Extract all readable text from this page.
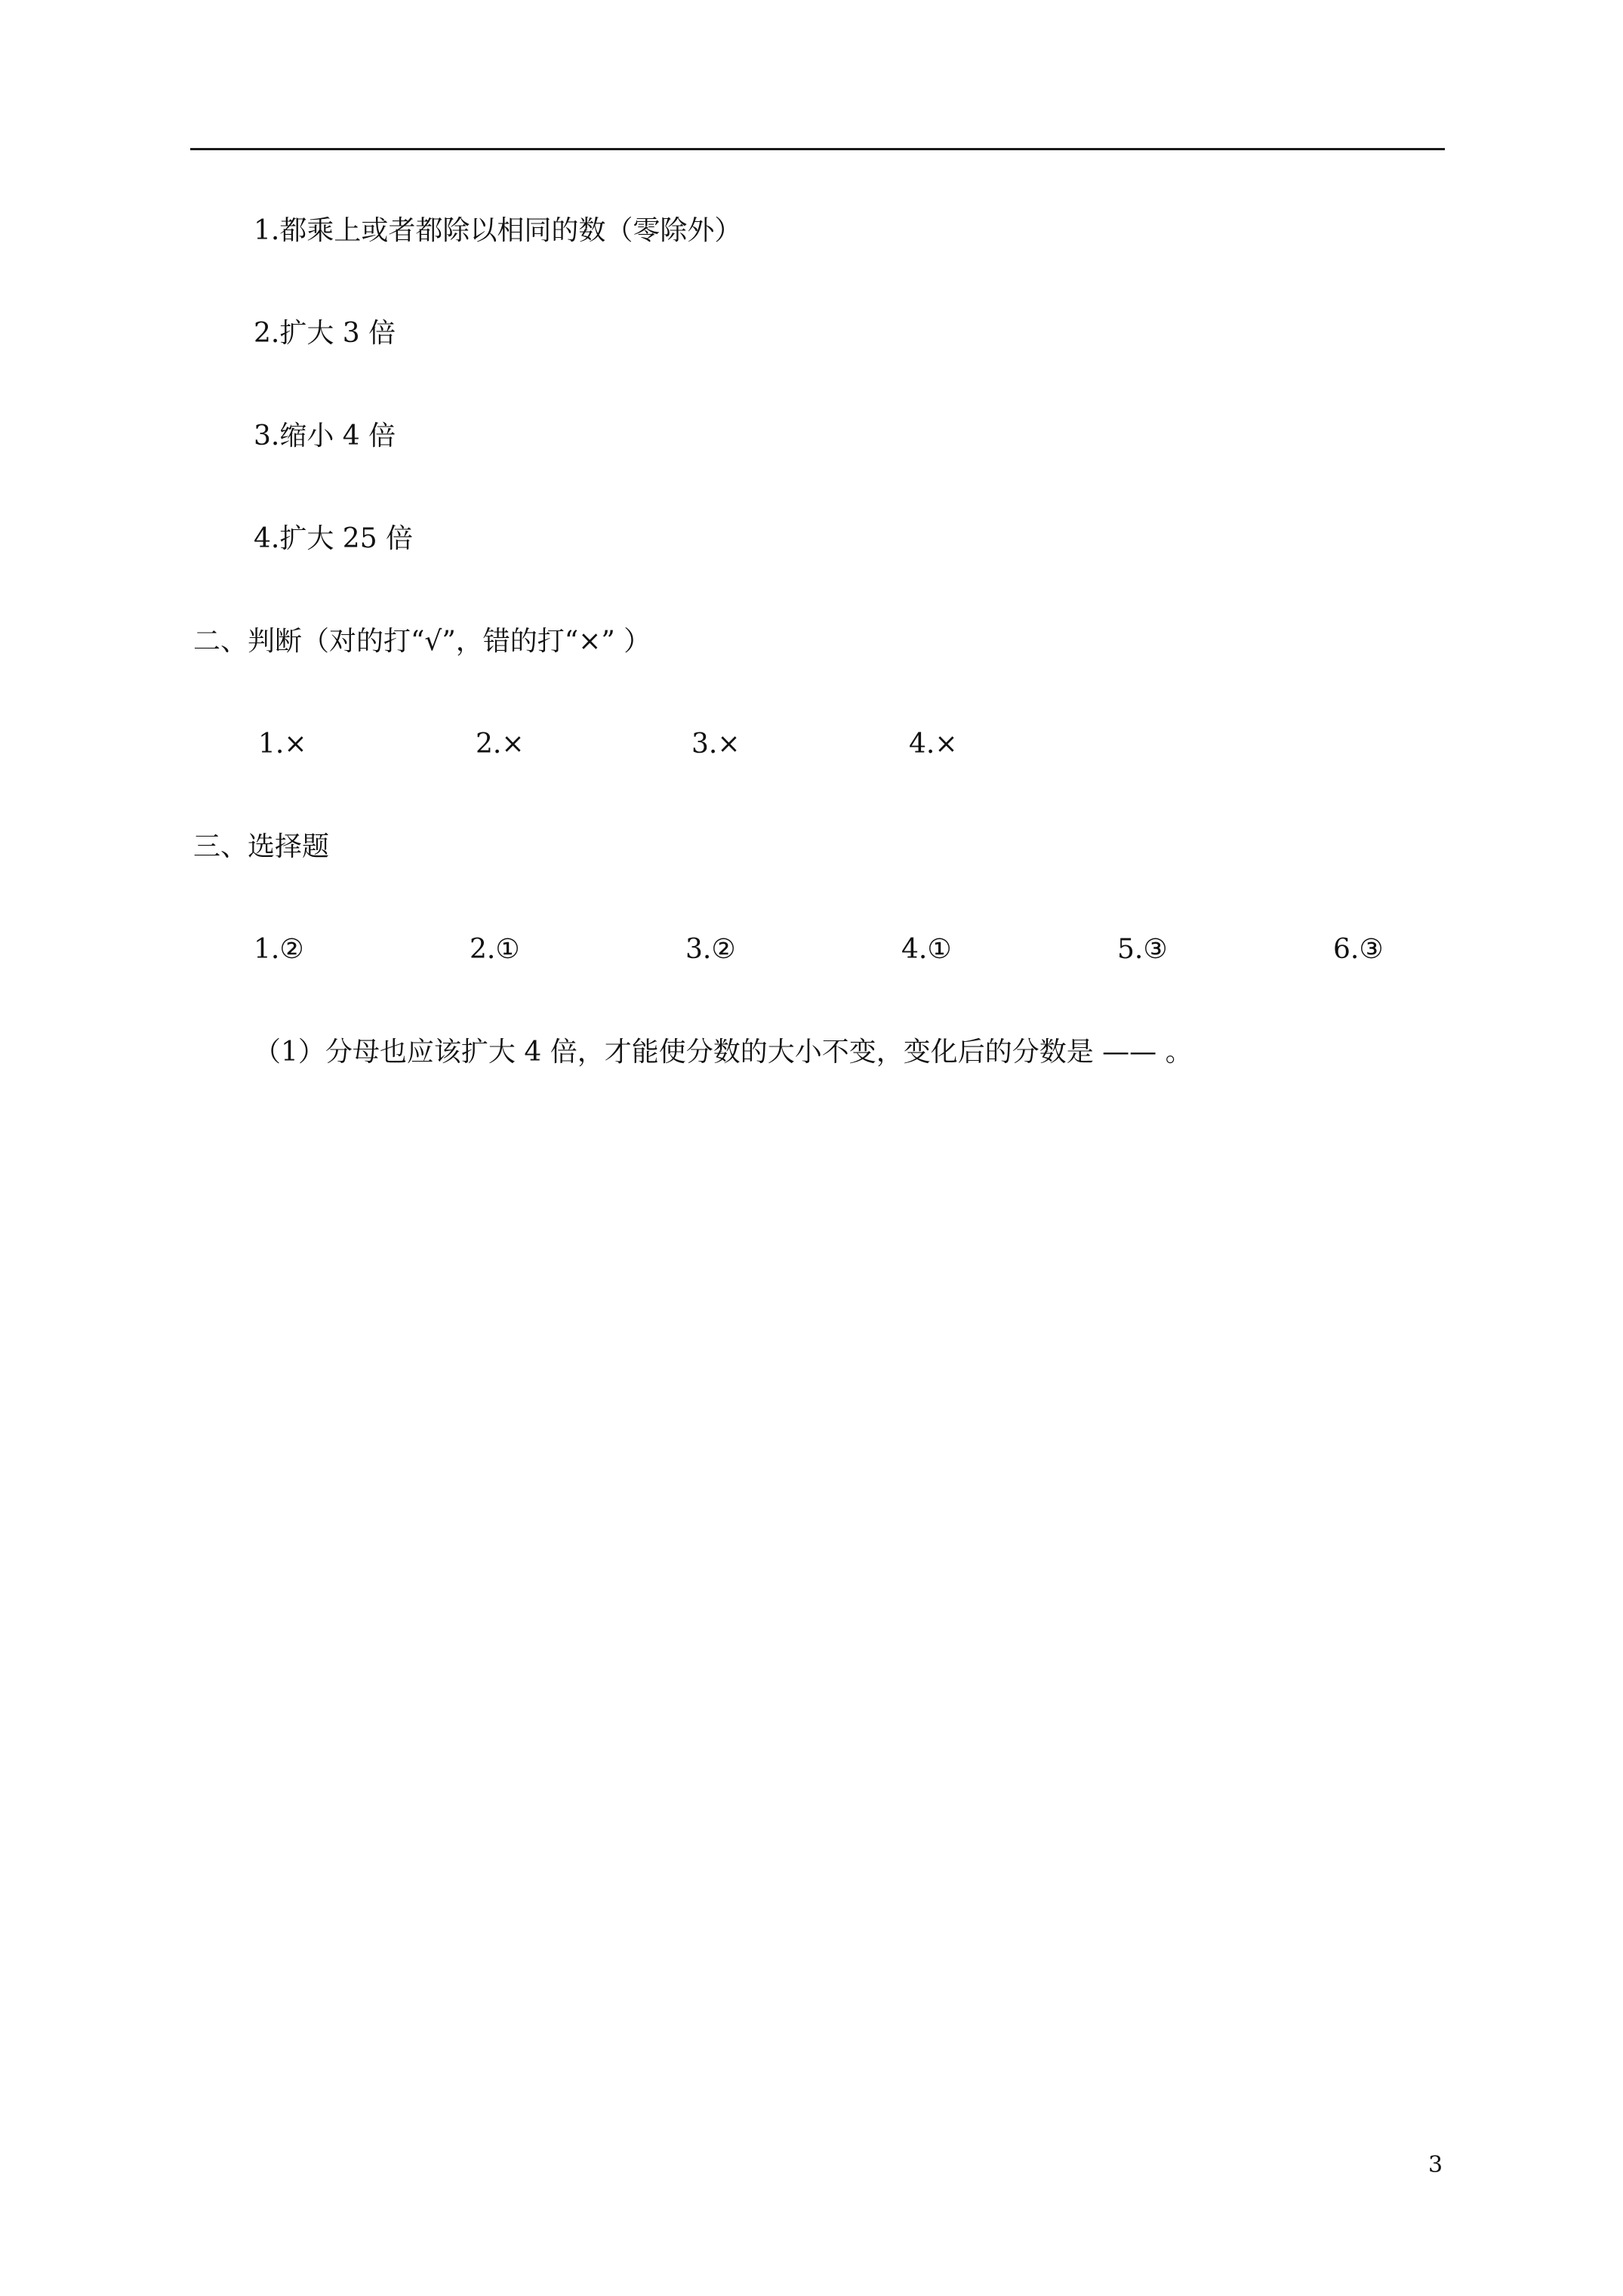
1.都乘上或者都除以相同的数（零除外）
2.扩大 3 倍
3.缩小 4 倍
4.扩大 25 倍
二、判断（对的打“√”，错的打“×” ）
1.×	2.×	3.×	4.×
三、选择题
1.②	2.①	3.②	4.①	5.③	6.③
（1）分母也应该扩大 4 倍，才能使分数的大小不变，变化后的分数是 —— 。
3
